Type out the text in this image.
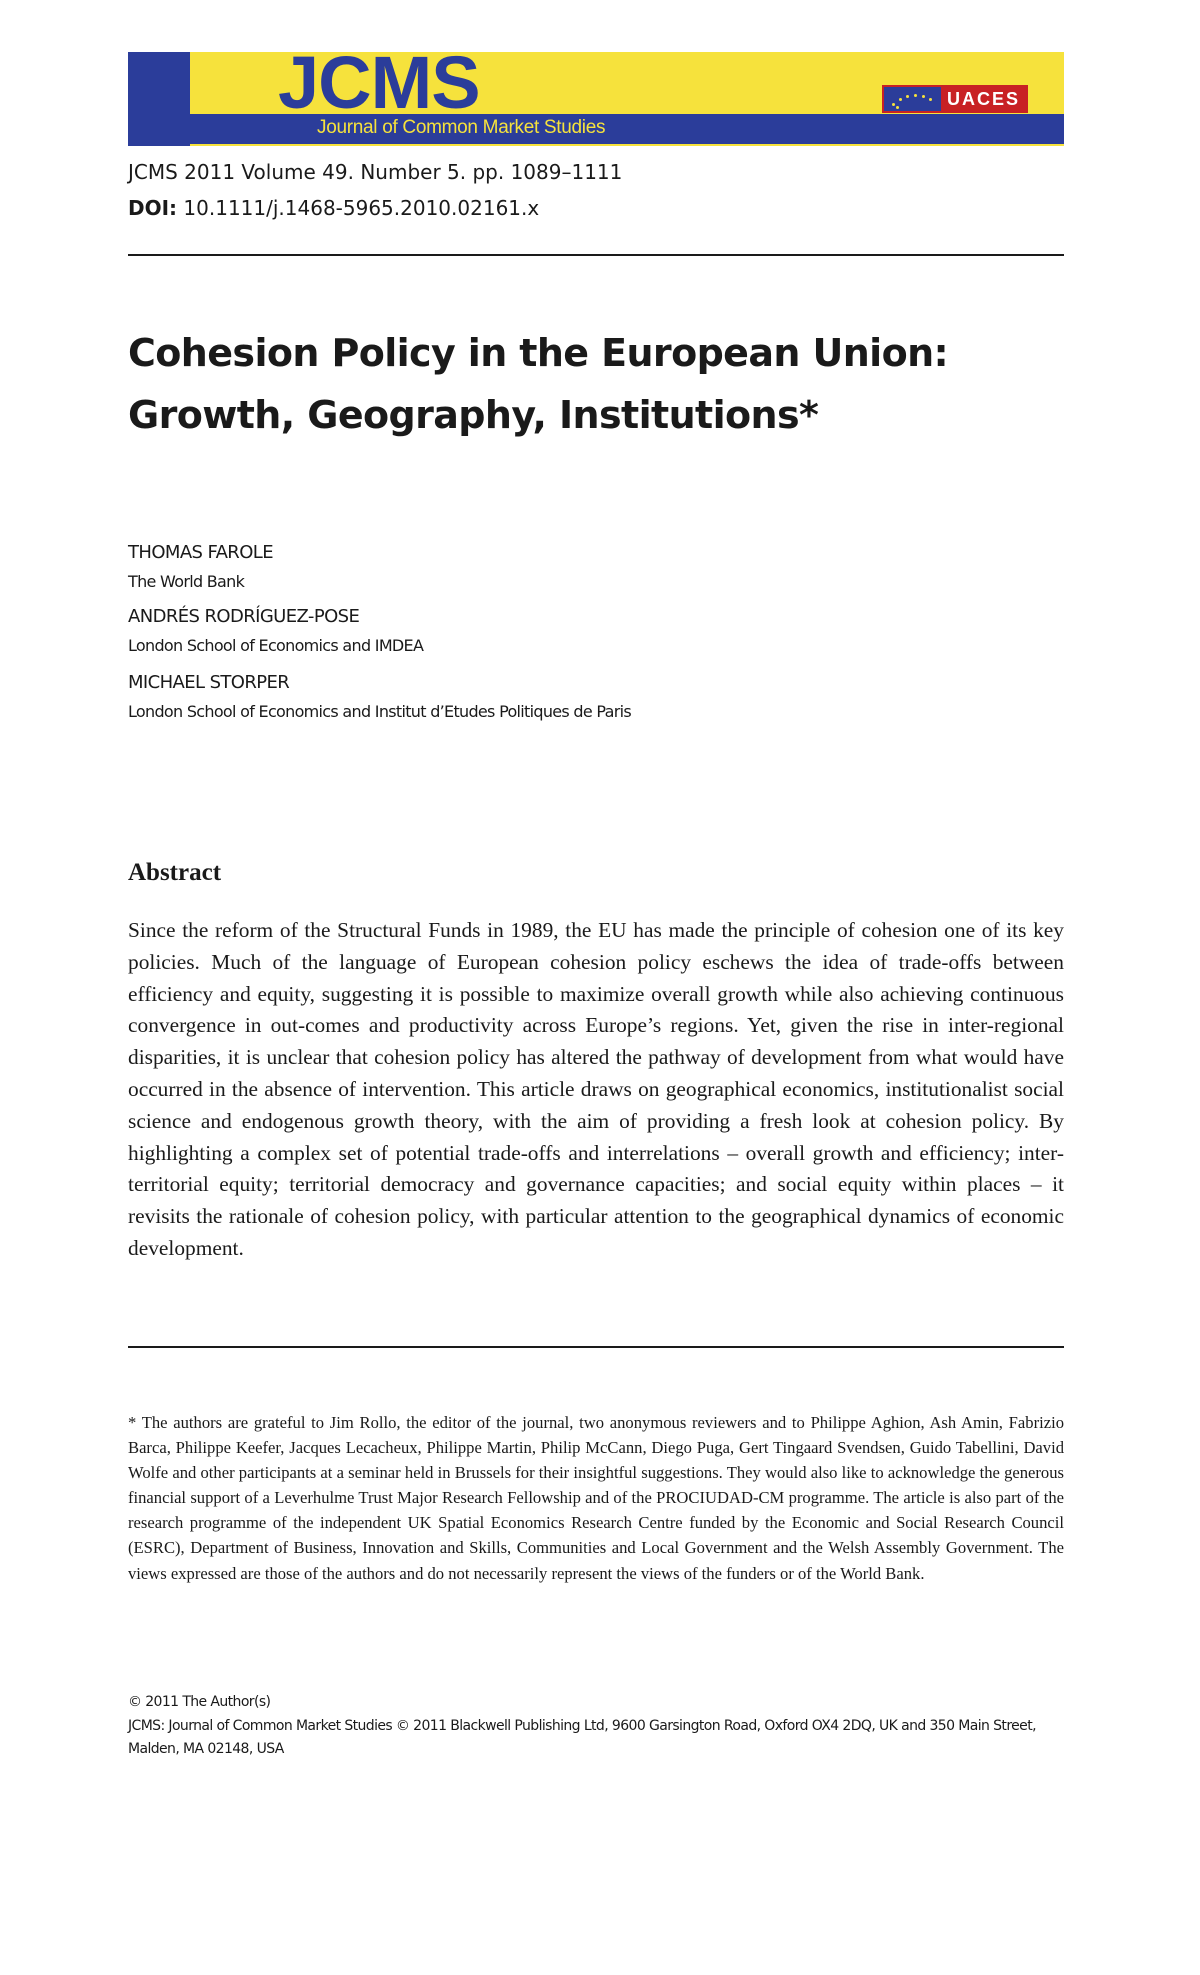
JCMS
Journal of Common Market Studies
UACES
JCMS 2011 Volume 49. Number 5. pp. 1089–1111
DOI: 10.1111/j.1468-5965.2010.02161.x
Cohesion Policy in the European Union:
Growth, Geography, Institutions*
THOMAS FAROLE
The World Bank
ANDRÉS RODRÍGUEZ-POSE
London School of Economics and IMDEA
MICHAEL STORPER
London School of Economics and Institut d’Etudes Politiques de Paris
Abstract

Since the reform of the Structural Funds in 1989, the EU has made the principle of cohesion one of its key policies. Much of the language of European cohesion policy eschews the idea of trade-offs between efficiency and equity, suggesting it is possible to maximize overall growth while also achieving continuous convergence in out-comes and productivity across Europe’s regions. Yet, given the rise in inter-regional disparities, it is unclear that cohesion policy has altered the pathway of development from what would have occurred in the absence of intervention. This article draws on geographical economics, institutionalist social science and endogenous growth theory, with the aim of providing a fresh look at cohesion policy. By highlighting a complex set of potential trade-offs and interrelations – overall growth and efficiency; inter-territorial equity; territorial democracy and governance capacities; and social equity within places – it revisits the rationale of cohesion policy, with particular attention to the geographical dynamics of economic development.

* The authors are grateful to Jim Rollo, the editor of the journal, two anonymous reviewers and to Philippe Aghion, Ash Amin, Fabrizio Barca, Philippe Keefer, Jacques Lecacheux, Philippe Martin, Philip McCann, Diego Puga, Gert Tingaard Svendsen, Guido Tabellini, David Wolfe and other participants at a seminar held in Brussels for their insightful suggestions. They would also like to acknowledge the generous financial support of a Leverhulme Trust Major Research Fellowship and of the PROCIUDAD-CM programme. The article is also part of the research programme of the independent UK Spatial Economics Research Centre funded by the Economic and Social Research Council (ESRC), Department of Business, Innovation and Skills, Communities and Local Government and the Welsh Assembly Government. The views expressed are those of the authors and do not necessarily represent the views of the funders or of the World Bank.

© 2011 The Author(s)

JCMS: Journal of Common Market Studies © 2011 Blackwell Publishing Ltd, 9600 Garsington Road, Oxford OX4 2DQ, UK and 350 Main Street, Malden, MA 02148, USA
